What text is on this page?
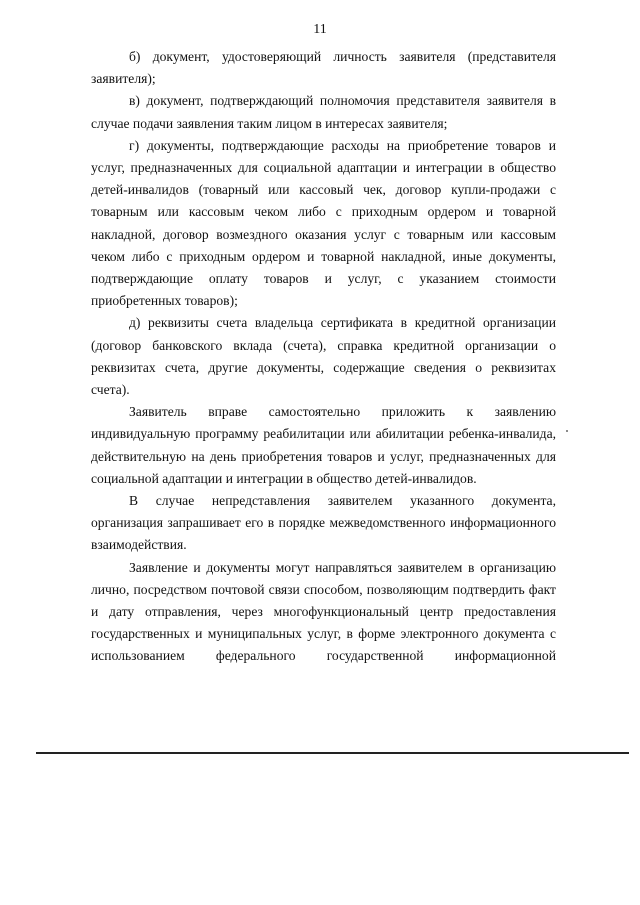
11

б) документ, удостоверяющий личность заявителя (представителя заявителя);

в) документ, подтверждающий полномочия представителя заявителя в случае подачи заявления таким лицом в интересах заявителя;

г) документы, подтверждающие расходы на приобретение товаров и услуг, предназначенных для социальной адаптации и интеграции в общество детей-инвалидов (товарный или кассовый чек, договор купли-продажи с товарным или кассовым чеком либо с приходным ордером и товарной накладной, договор возмездного оказания услуг с товарным или кассовым чеком либо с приходным ордером и товарной накладной, иные документы, подтверждающие оплату товаров и услуг, с указанием стоимости приобретенных товаров);

д) реквизиты счета владельца сертификата в кредитной организации (договор банковского вклада (счета), справка кредитной организации о реквизитах счета, другие документы, содержащие сведения о реквизитах счета).

Заявитель вправе самостоятельно приложить к заявлению индивидуальную программу реабилитации или абилитации ребенка-инвалида, действительную на день приобретения товаров и услуг, предназначенных для социальной адаптации и интеграции в общество детей-инвалидов.

В случае непредставления заявителем указанного документа, организация запрашивает его в порядке межведомственного информационного взаимодействия.

Заявление и документы могут направляться заявителем в организацию лично, посредством почтовой связи способом, позволяющим подтвердить факт и дату отправления, через многофункциональный центр предоставления государственных и муниципальных услуг, в форме электронного документа с использованием федерального государственной информационной
